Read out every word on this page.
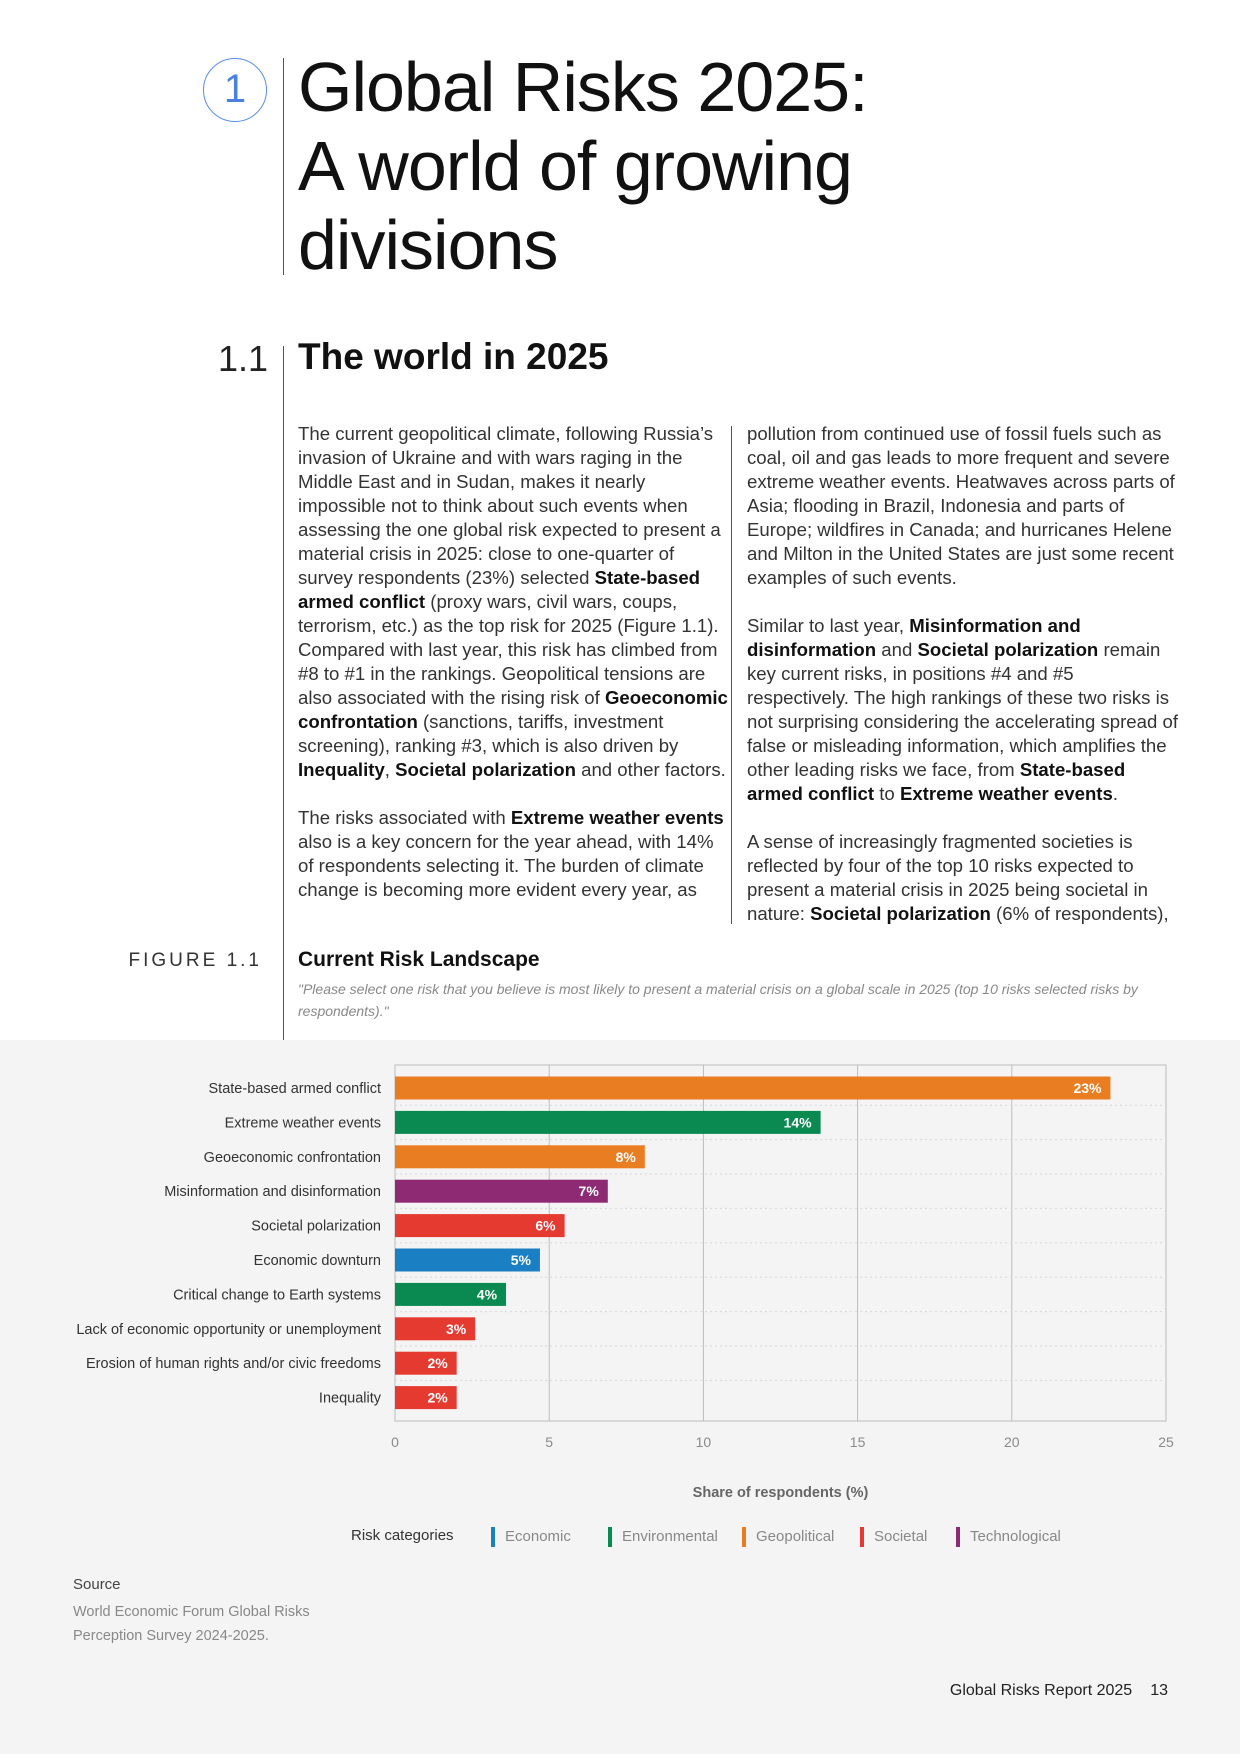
1 Global Risks 2025:
A world of growing
divisions
1.1 The world in 2025

The current geopolitical climate, following Russia’s invasion of Ukraine and with wars raging in the Middle East and in Sudan, makes it nearly impossible not to think about such events when assessing the one global risk expected to present a material crisis in 2025: close to one-quarter of survey respondents (23%) selected State-based armed conflict (proxy wars, civil wars, coups, terrorism, etc.) as the top risk for 2025 (Figure 1.1). Compared with last year, this risk has climbed from #8 to #1 in the rankings. Geopolitical tensions are also associated with the rising risk of Geoeconomic confrontation (sanctions, tariffs, investment screening), ranking #3, which is also driven by Inequality, Societal polarization and other factors.

The risks associated with Extreme weather events also is a key concern for the year ahead, with 14% of respondents selecting it. The burden of climate change is becoming more evident every year, as

pollution from continued use of fossil fuels such as coal, oil and gas leads to more frequent and severe extreme weather events. Heatwaves across parts of Asia; flooding in Brazil, Indonesia and parts of Europe; wildfires in Canada; and hurricanes Helene and Milton in the United States are just some recent examples of such events.

Similar to last year, Misinformation and disinformation and Societal polarization remain key current risks, in positions #4 and #5 respectively. The high rankings of these two risks is not surprising considering the accelerating spread of false or misleading information, which amplifies the other leading risks we face, from State-based armed conflict to Extreme weather events.

A sense of increasingly fragmented societies is reflected by four of the top 10 risks expected to present a material crisis in 2025 being societal in nature: Societal polarization (6% of respondents),

FIGURE 1.1 Current Risk Landscape
"Please select one risk that you believe is most likely to present a material crisis on a global scale in 2025 (top 10 risks selected risks by respondents)."
0	5	10	15	20	25
State-based armed conflict	23%
Extreme weather events	14%
Geoeconomic confrontation	8%
Misinformation and disinformation	7%
Societal polarization	6%
Economic downturn	5%
Critical change to Earth systems	4%
Lack of economic opportunity or unemployment	3%
Erosion of human rights and/or civic freedoms	2%
Inequality	2%
Share of respondents (%)
Risk categories	Economic	Environmental	Geopolitical	Societal	Technological
Source
World Economic Forum Global Risks Perception Survey 2024-2025.
Global Risks Report 2025 13
